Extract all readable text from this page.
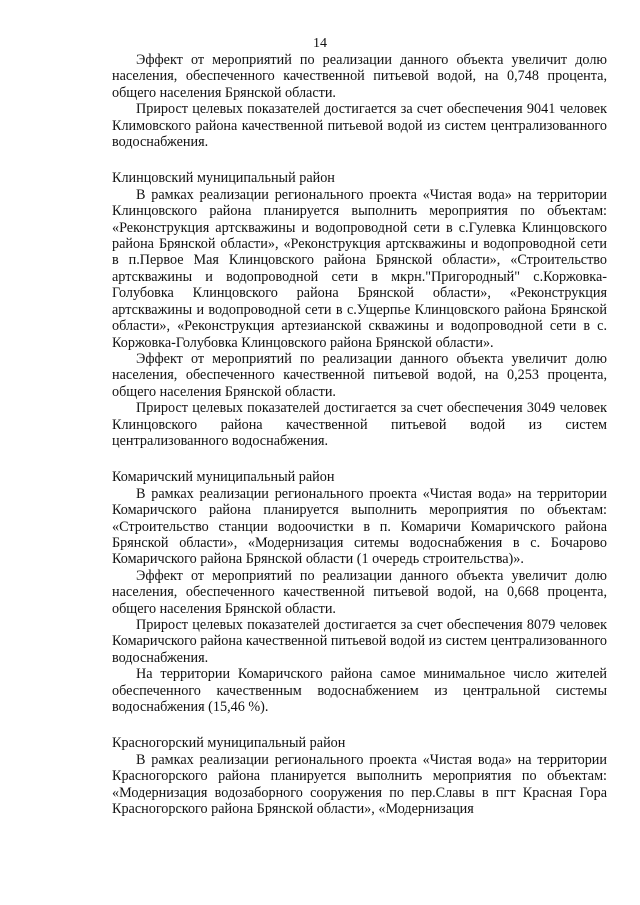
14

Эффект от мероприятий по реализации данного объекта увеличит долю населения, обеспеченного качественной питьевой водой, на 0,748 процента, общего населения Брянской области.

Прирост целевых показателей достигается за счет обеспечения 9041 человек Климовского района качественной питьевой водой из систем централизованного водоснабжения.

Клинцовский муниципальный район

В рамках реализации регионального проекта «Чистая вода» на территории Клинцовского района планируется выполнить мероприятия по объектам: «Реконструкция артскважины и водопроводной сети в с.Гулевка Клинцовского района Брянской области», «Реконструкция артскважины и водопроводной сети в п.Первое Мая Клинцовского района Брянской области», «Строительство артскважины и водопроводной сети в мкрн."Пригородный" с.Коржовка-Голубовка Клинцовского района Брянской области», «Реконструкция артскважины и водопроводной сети в с.Ущерпье Клинцовского района Брянской области», «Реконструкция артезианской скважины и водопроводной сети в с. Коржовка-Голубовка Клинцовского района Брянской области».

Эффект от мероприятий по реализации данного объекта увеличит долю населения, обеспеченного качественной питьевой водой, на 0,253 процента, общего населения Брянской области.

Прирост целевых показателей достигается за счет обеспечения 3049 человек Клинцовского района качественной питьевой водой из систем централизованного водоснабжения.

Комаричский муниципальный район

В рамках реализации регионального проекта «Чистая вода» на территории Комаричского района планируется выполнить мероприятия по объектам: «Строительство станции водоочистки в п. Комаричи Комаричского района Брянской области», «Модернизация ситемы водоснабжения в с. Бочарово Комаричского района Брянской области (1 очередь строительства)».

Эффект от мероприятий по реализации данного объекта увеличит долю населения, обеспеченного качественной питьевой водой, на 0,668 процента, общего населения Брянской области.

Прирост целевых показателей достигается за счет обеспечения 8079 человек Комаричского района качественной питьевой водой из систем централизованного водоснабжения.

На территории Комаричского района самое минимальное число жителей обеспеченного качественным водоснабжением из центральной системы водоснабжения (15,46 %).

Красногорский муниципальный район

В рамках реализации регионального проекта «Чистая вода» на территории Красногорского района планируется выполнить мероприятия по объектам: «Модернизация водозаборного сооружения по пер.Славы в пгт Красная Гора Красногорского района Брянской области», «Модернизация
